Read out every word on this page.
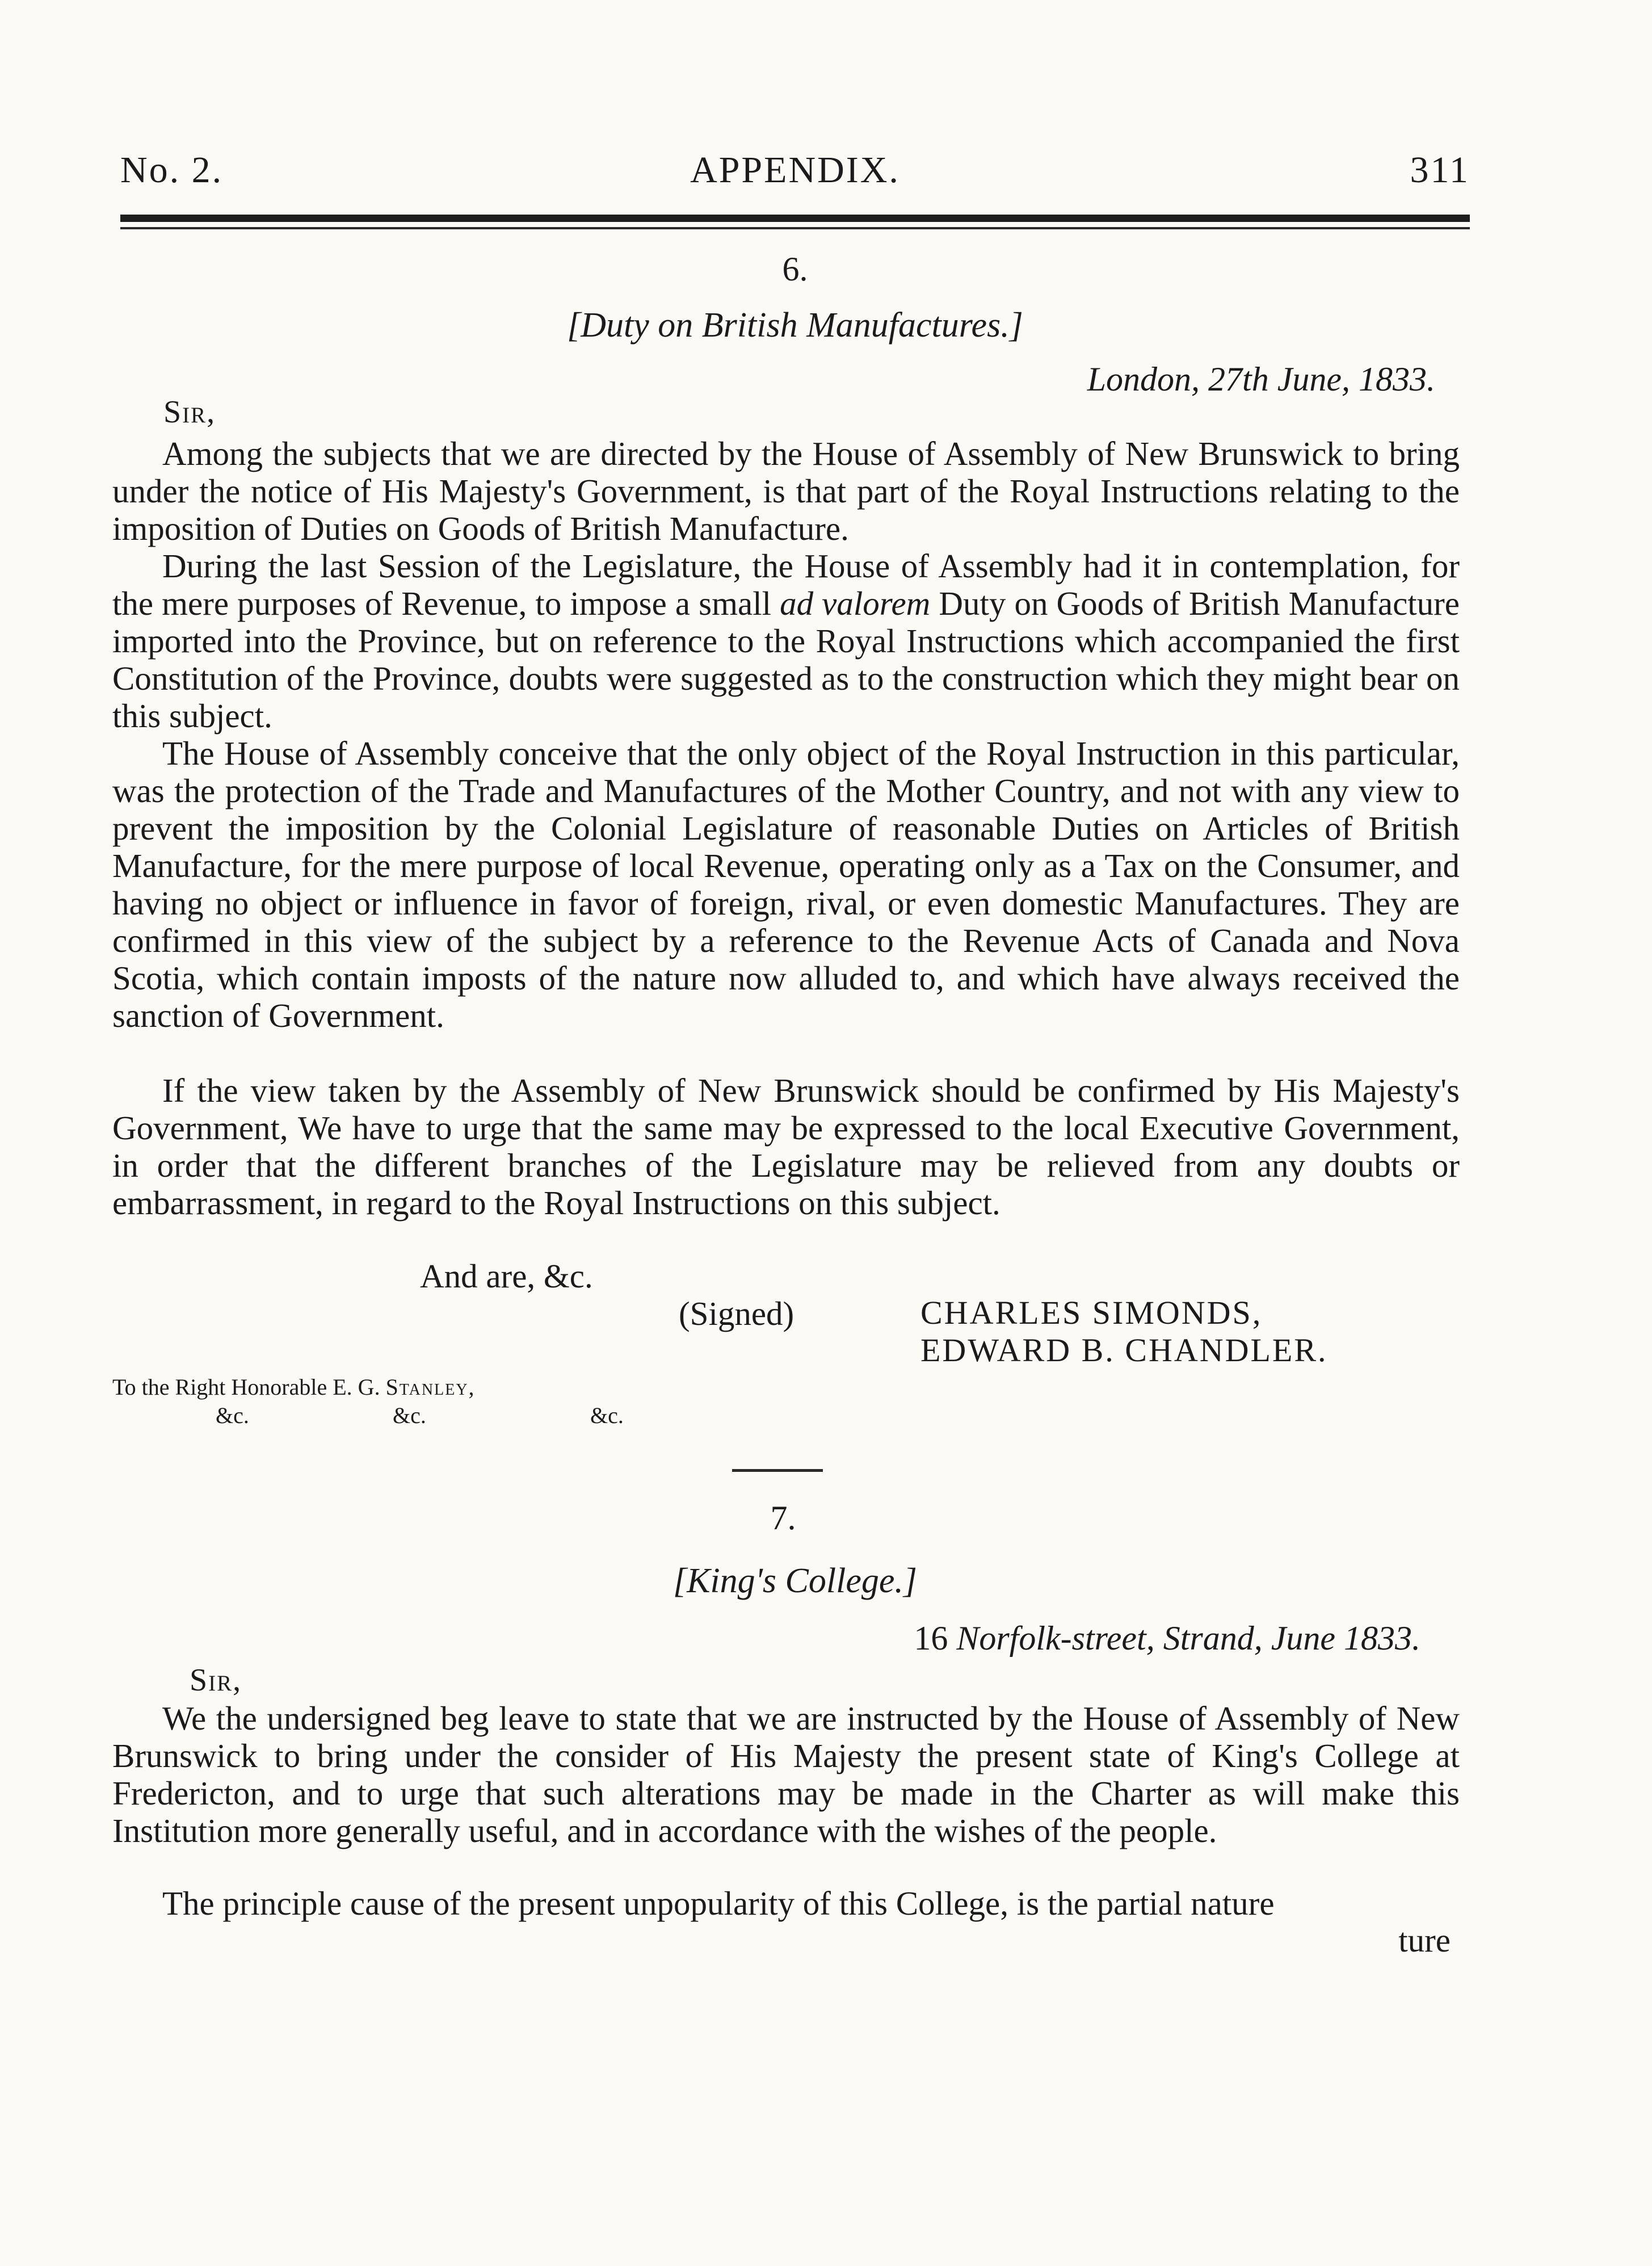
No. 2.	APPENDIX.	311
6.
[Duty on British Manufactures.]
London, 27th June, 1833.
Sir,

Among the subjects that we are directed by the House of Assembly of New Brunswick to bring under the notice of His Majesty's Government, is that part of the Royal Instructions relating to the imposition of Duties on Goods of British Manufacture.

During the last Session of the Legislature, the House of Assembly had it in contemplation, for the mere purposes of Revenue, to impose a small ad valorem Duty on Goods of British Manufacture imported into the Province, but on reference to the Royal Instructions which accompanied the first Constitution of the Province, doubts were suggested as to the construction which they might bear on this subject.

The House of Assembly conceive that the only object of the Royal Instruction in this particular, was the protection of the Trade and Manufactures of the Mother Country, and not with any view to prevent the imposition by the Colonial Legislature of reasonable Duties on Articles of British Manufacture, for the mere purpose of local Revenue, operating only as a Tax on the Consumer, and having no object or influence in favor of foreign, rival, or even domestic Manufactures. They are confirmed in this view of the subject by a reference to the Revenue Acts of Canada and Nova Scotia, which contain imposts of the nature now alluded to, and which have always received the sanction of Government.

If the view taken by the Assembly of New Brunswick should be confirmed by His Majesty's Government, We have to urge that the same may be expressed to the local Executive Government, in order that the different branches of the Legislature may be relieved from any doubts or embarrassment, in regard to the Royal Instructions on this subject.

And are, &c.
(Signed)	CHARLES SIMONDS,
EDWARD B. CHANDLER.
To the Right Honorable E. G. Stanley,
&c.	&c.	&c.
7.
[King's College.]
16 Norfolk-street, Strand, June 1833.
Sir,

We the undersigned beg leave to state that we are instructed by the House of Assembly of New Brunswick to bring under the consider of His Majesty the present state of King's College at Fredericton, and to urge that such alterations may be made in the Charter as will make this Institution more generally useful, and in accordance with the wishes of the people.

The principle cause of the present unpopularity of this College, is the partial nature

ture
